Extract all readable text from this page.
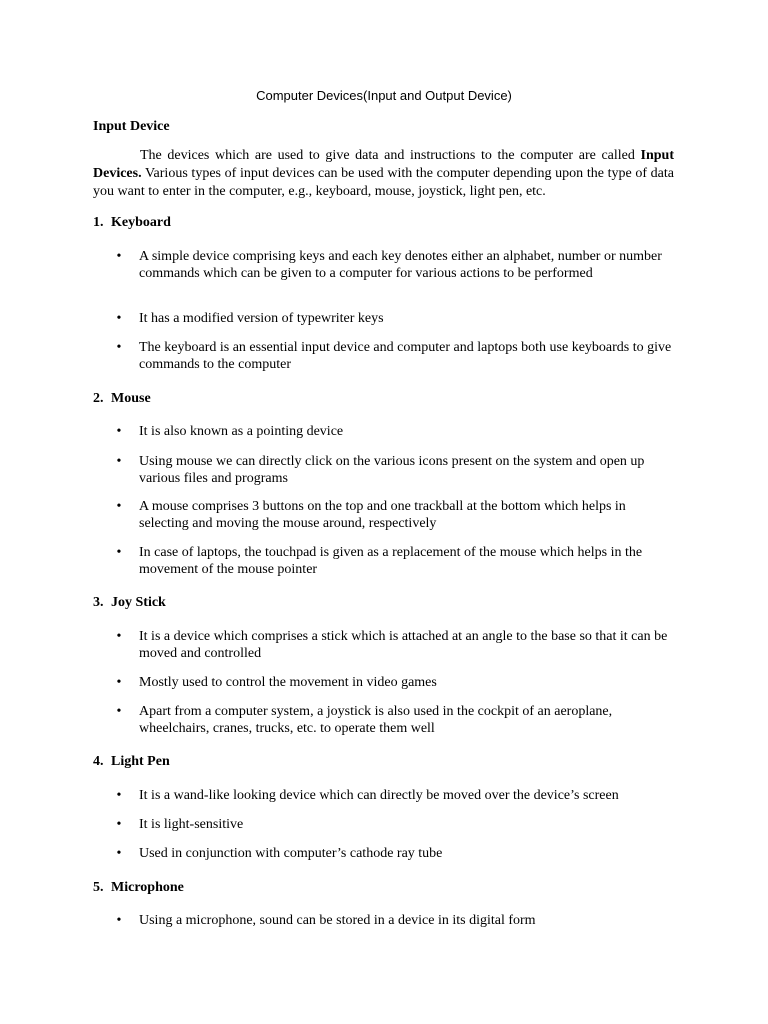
Computer Devices(Input and Output Device)
Input Device

The devices which are used to give data and instructions to the computer are called Input Devices. Various types of input devices can be used with the computer depending upon the type of data you want to enter in the computer, e.g., keyboard, mouse, joystick, light pen, etc.

1. Keyboard
• A simple device comprising keys and each key denotes either an alphabet, number or number commands which can be given to a computer for various actions to be performed
• It has a modified version of typewriter keys
• The keyboard is an essential input device and computer and laptops both use keyboards to give commands to the computer
2. Mouse
• It is also known as a pointing device
• Using mouse we can directly click on the various icons present on the system and open up various files and programs
• A mouse comprises 3 buttons on the top and one trackball at the bottom which helps in selecting and moving the mouse around, respectively
• In case of laptops, the touchpad is given as a replacement of the mouse which helps in the movement of the mouse pointer
3. Joy Stick
• It is a device which comprises a stick which is attached at an angle to the base so that it can be moved and controlled
• Mostly used to control the movement in video games
• Apart from a computer system, a joystick is also used in the cockpit of an aeroplane, wheelchairs, cranes, trucks, etc. to operate them well
4. Light Pen
• It is a wand-like looking device which can directly be moved over the device’s screen
• It is light-sensitive
• Used in conjunction with computer’s cathode ray tube
5. Microphone
• Using a microphone, sound can be stored in a device in its digital form
